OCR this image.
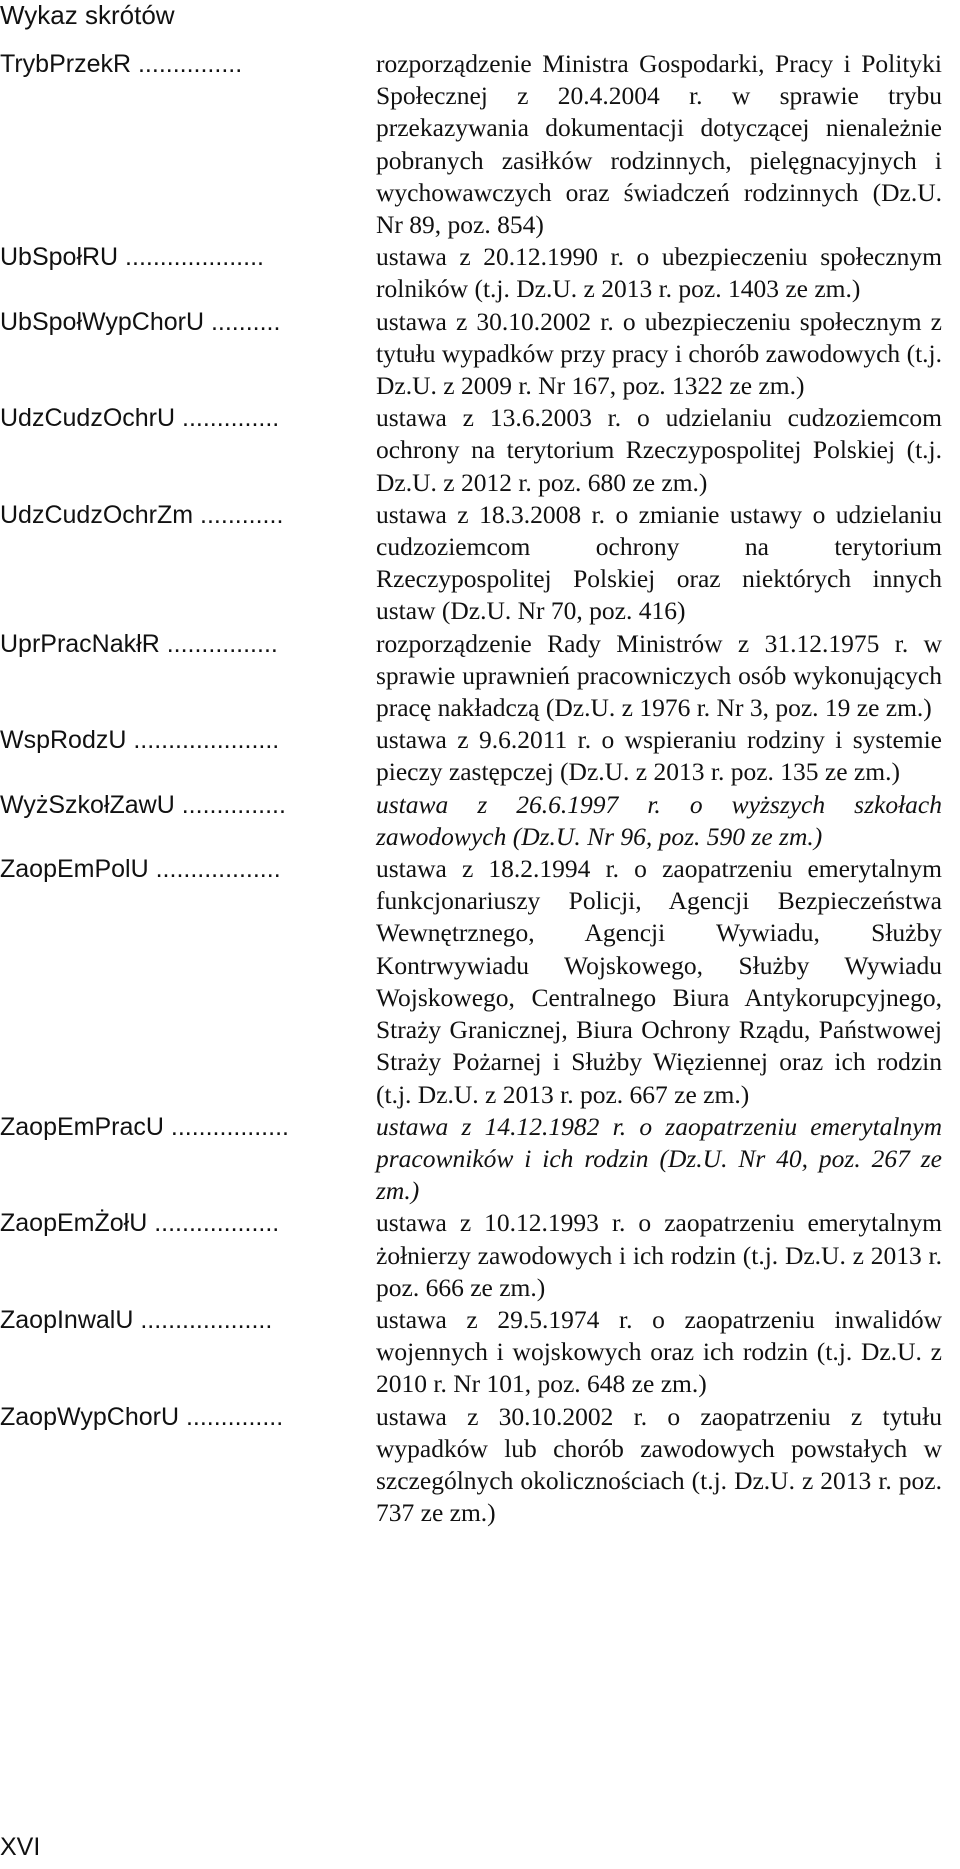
Wykaz skrótów
TrybPrzekR ...............	rozporządzenie Ministra Gospodarki, Pracy i Polityki Społecznej z 20.4.2004 r. w sprawie trybu przekazywania dokumentacji dotyczącej nienależnie pobranych zasiłków rodzinnych, pielęgnacyjnych i wychowawczych oraz świadczeń rodzinnych (Dz.U. Nr 89, poz. 854)
UbSpołRU ....................	ustawa z 20.12.1990 r. o ubezpieczeniu społecznym rolników (t.j. Dz.U. z 2013 r. poz. 1403 ze zm.)
UbSpołWypChorU ..........	ustawa z 30.10.2002 r. o ubezpieczeniu społecznym z tytułu wypadków przy pracy i chorób zawodowych (t.j. Dz.U. z 2009 r. Nr 167, poz. 1322 ze zm.)
UdzCudzOchrU ..............	ustawa z 13.6.2003 r. o udzielaniu cudzoziemcom ochrony na terytorium Rzeczypospolitej Polskiej (t.j. Dz.U. z 2012 r. poz. 680 ze zm.)
UdzCudzOchrZm ............	ustawa z 18.3.2008 r. o zmianie ustawy o udzielaniu cudzoziemcom ochrony na terytorium Rzeczypospolitej Polskiej oraz niektórych innych ustaw (Dz.U. Nr 70, poz. 416)
UprPracNakłR ................	rozporządzenie Rady Ministrów z 31.12.1975 r. w sprawie uprawnień pracowniczych osób wykonujących pracę nakładczą (Dz.U. z 1976 r. Nr 3, poz. 19 ze zm.)
WspRodzU .....................	ustawa z 9.6.2011 r. o wspieraniu rodziny i systemie pieczy zastępczej (Dz.U. z 2013 r. poz. 135 ze zm.)
WyżSzkołZawU ...............	ustawa z 26.6.1997 r. o wyższych szkołach zawodowych (Dz.U. Nr 96, poz. 590 ze zm.)
ZaopEmPolU ..................	ustawa z 18.2.1994 r. o zaopatrzeniu emerytalnym funkcjonariuszy Policji, Agencji Bezpieczeństwa Wewnętrznego, Agencji Wywiadu, Służby Kontrwywiadu Wojskowego, Służby Wywiadu Wojskowego, Centralnego Biura Antykorupcyjnego, Straży Granicznej, Biura Ochrony Rządu, Państwowej Straży Pożarnej i Służby Więziennej oraz ich rodzin (t.j. Dz.U. z 2013 r. poz. 667 ze zm.)
ZaopEmPracU .................	ustawa z 14.12.1982 r. o zaopatrzeniu emerytalnym pracowników i ich rodzin (Dz.U. Nr 40, poz. 267 ze zm.)
ZaopEmŻołU ..................	ustawa z 10.12.1993 r. o zaopatrzeniu emerytalnym żołnierzy zawodowych i ich rodzin (t.j. Dz.U. z 2013 r. poz. 666 ze zm.)
ZaopInwalU ...................	ustawa z 29.5.1974 r. o zaopatrzeniu inwalidów wojennych i wojskowych oraz ich rodzin (t.j. Dz.U. z 2010 r. Nr 101, poz. 648 ze zm.)
ZaopWypChorU ..............	ustawa z 30.10.2002 r. o zaopatrzeniu z tytułu wypadków lub chorób zawodowych powstałych w szczególnych okolicznościach (t.j. Dz.U. z 2013 r. poz. 737 ze zm.)
XVI
